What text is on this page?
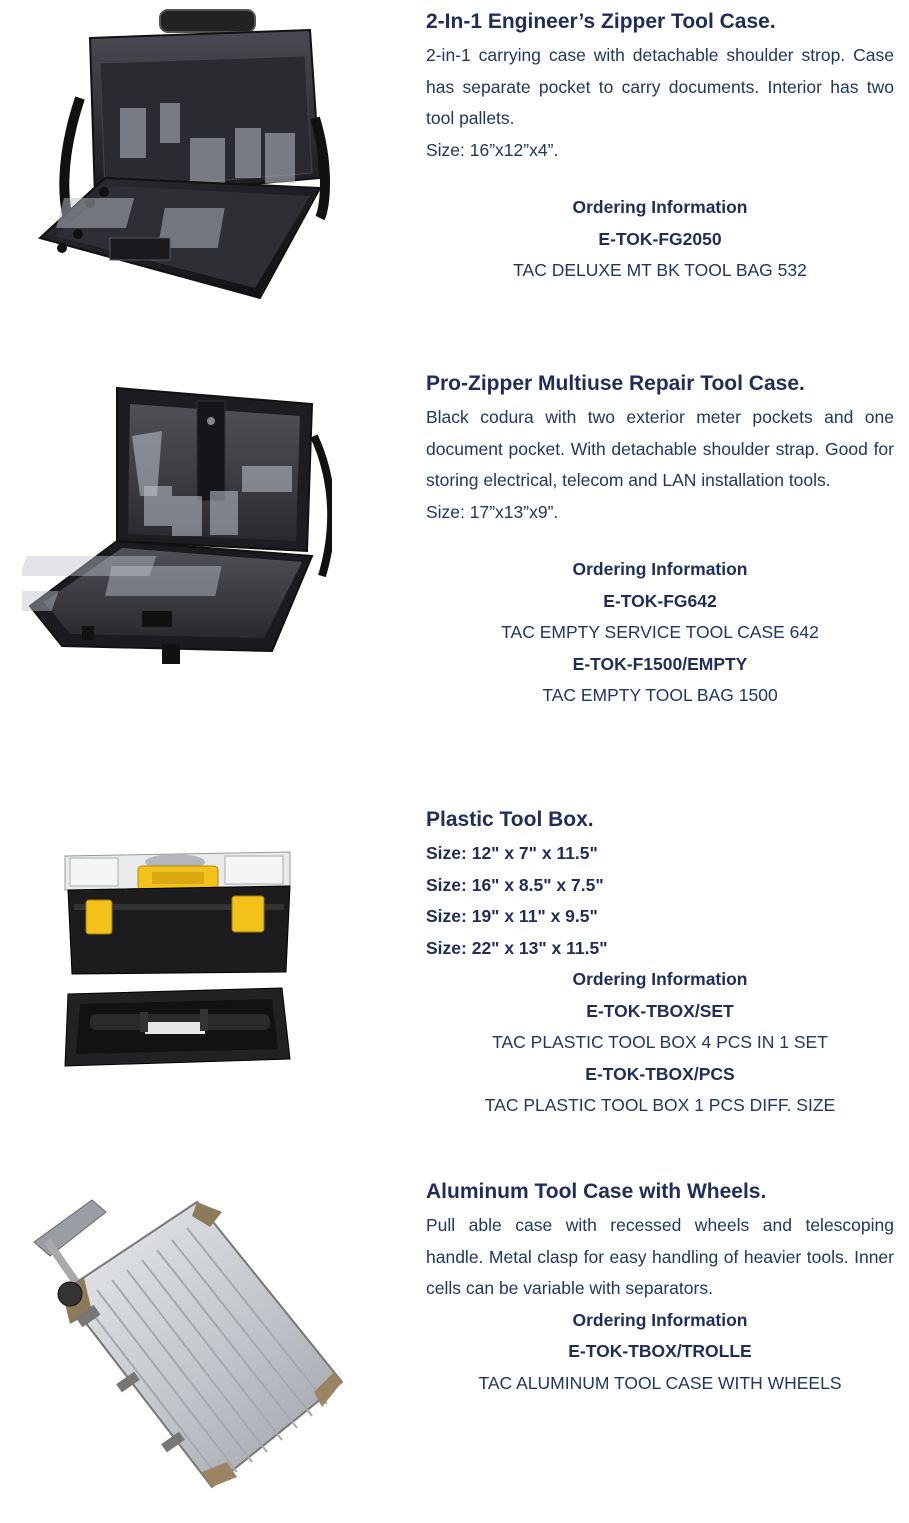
2-In-1 Engineer’s Zipper Tool Case.

2-in-1 carrying case with detachable shoulder strop. Case has separate pocket to carry documents. Interior has two tool pallets.

Size: 16”x12”x4”.

Ordering Information

E-TOK-FG2050

TAC DELUXE MT BK TOOL BAG 532

Pro-Zipper Multiuse Repair Tool Case.

Black codura with two exterior meter pockets and one document pocket. With detachable shoulder strap. Good for storing electrical, telecom and LAN installation tools.

Size: 17”x13”x9”.

Ordering Information

E-TOK-FG642

TAC EMPTY SERVICE TOOL CASE 642

E-TOK-F1500/EMPTY

TAC EMPTY TOOL BAG 1500

Plastic Tool Box.

Size: 12" x 7" x 11.5"

Size: 16" x 8.5" x 7.5"

Size: 19" x 11" x 9.5"

Size: 22" x 13" x 11.5"

Ordering Information

E-TOK-TBOX/SET

TAC PLASTIC TOOL BOX 4 PCS IN 1 SET

E-TOK-TBOX/PCS

TAC PLASTIC TOOL BOX 1 PCS DIFF. SIZE

Aluminum Tool Case with Wheels.

Pull able case with recessed wheels and telescoping handle. Metal clasp for easy handling of heavier tools. Inner cells can be variable with separators.

Ordering Information

E-TOK-TBOX/TROLLE

TAC ALUMINUM TOOL CASE WITH WHEELS
